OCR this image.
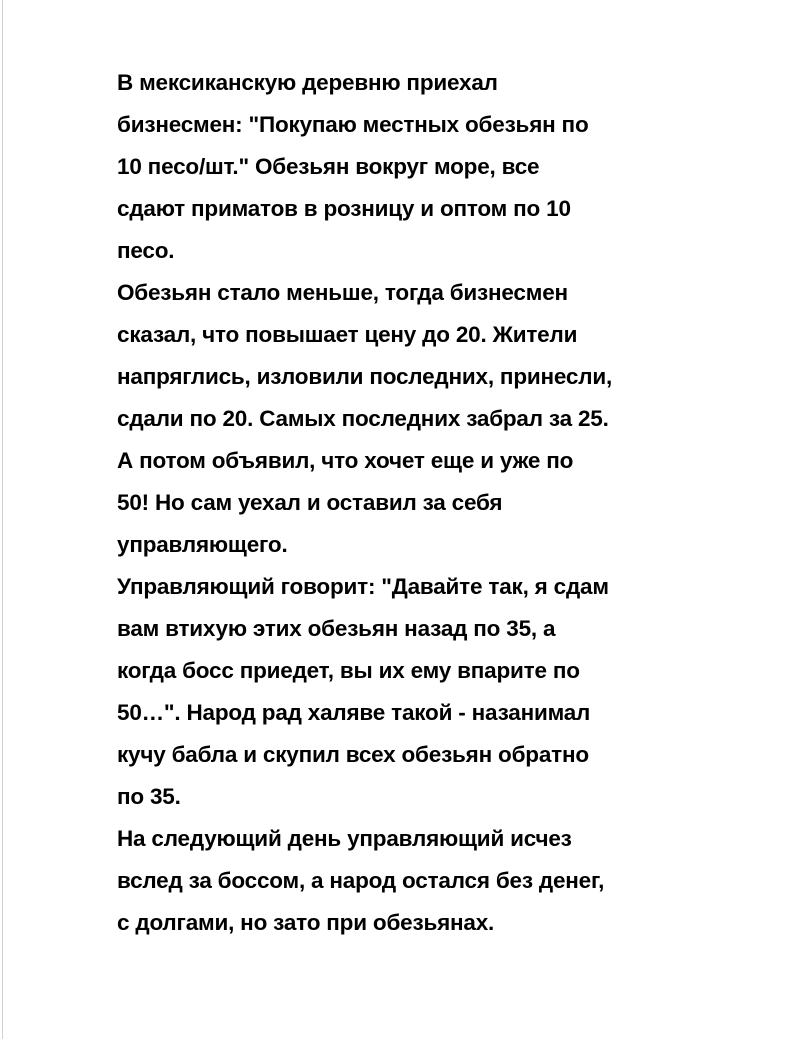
В мексиканскую деревню приехал
бизнесмен: "Покупаю местных обезьян по
10 песо/шт." Обезьян вокруг море, все
сдают приматов в розницу и оптом по 10
песо.
Обезьян стало меньше, тогда бизнесмен
сказал, что повышает цену до 20. Жители
напряглись, изловили последних, принесли,
сдали по 20. Самых последних забрал за 25.
А потом объявил, что хочет еще и уже по
50! Но сам уехал и оставил за себя
управляющего.
Управляющий говорит: "Давайте так, я сдам
вам втихую этих обезьян назад по 35, а
когда босс приедет, вы их ему впарите по
50…". Народ рад халяве такой - назанимал
кучу бабла и скупил всех обезьян обратно
по 35.
На следующий день управляющий исчез
вслед за боссом, а народ остался без денег,
с долгами, но зато при обезьянах.
